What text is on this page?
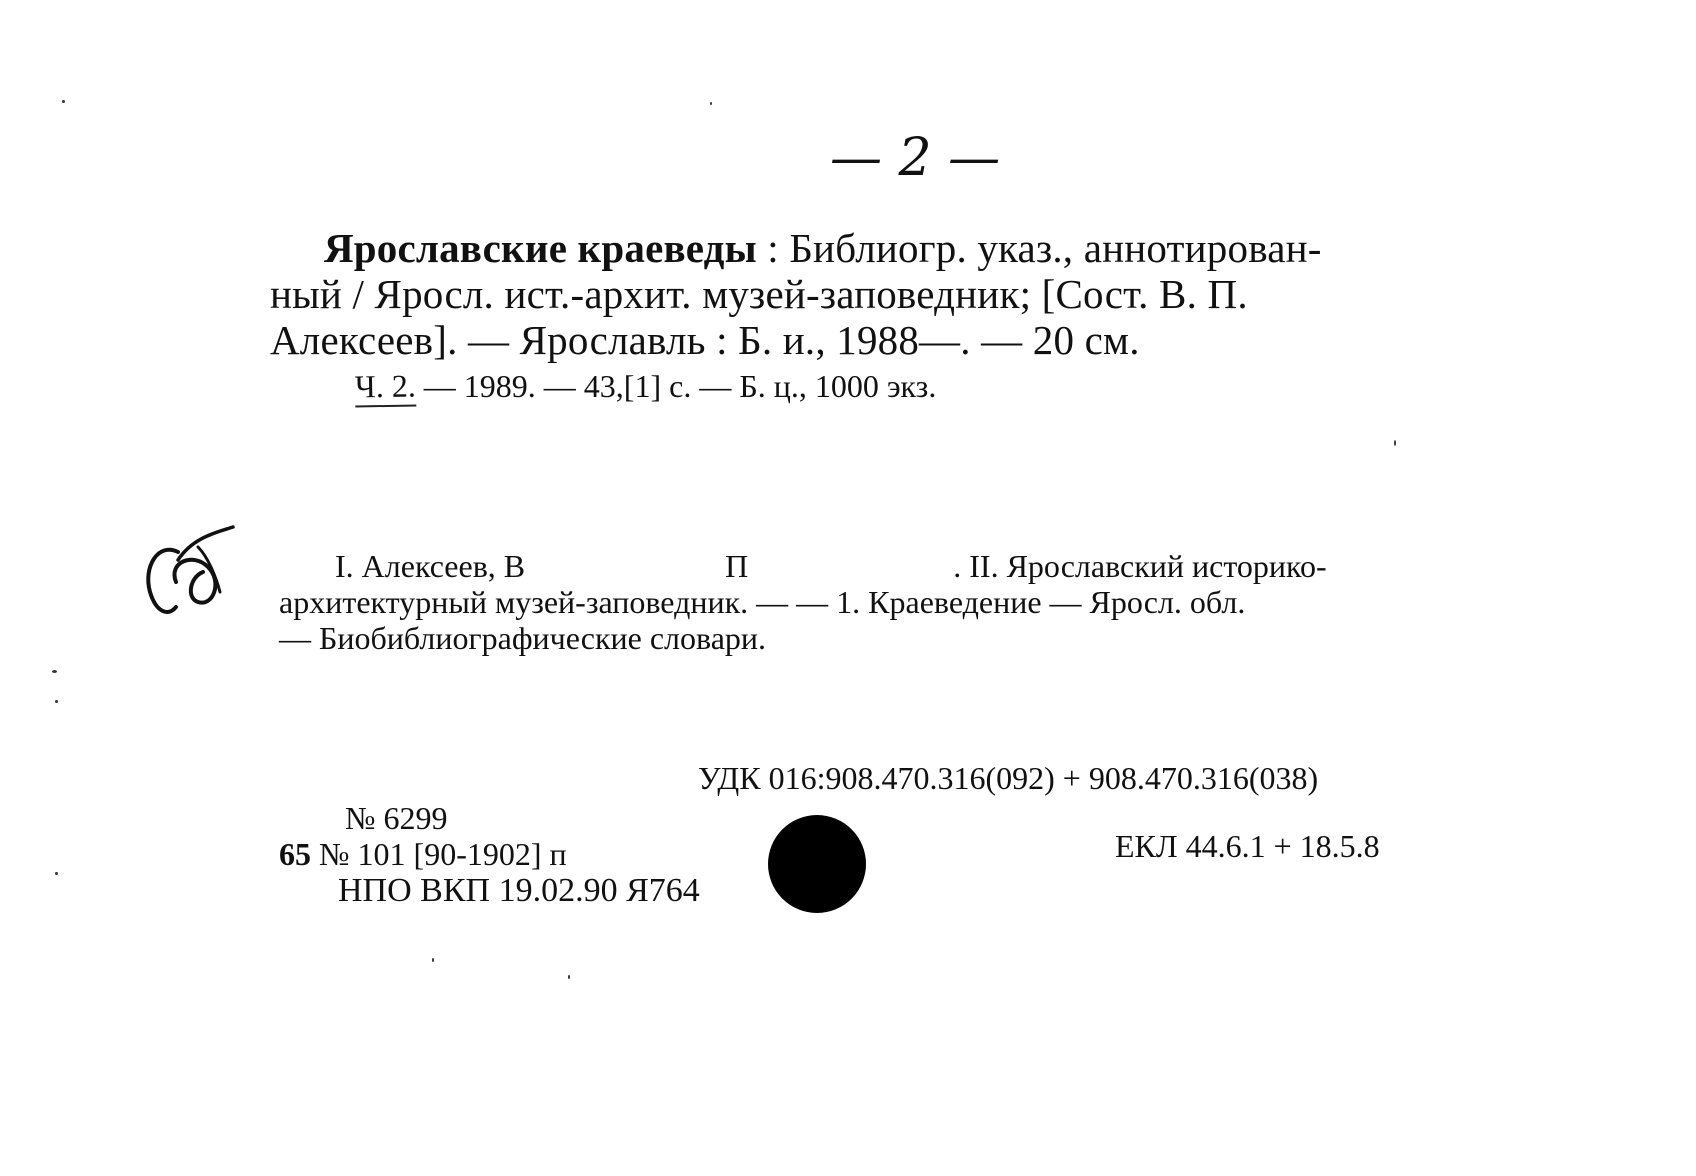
— 2 —
Ярославские краеведы : Библиогр. указ., аннотирован-
ный / Яросл. ист.-архит. музей-заповедник; [Сост. В. П.
Алексеев]. — Ярославль : Б. и., 1988—. — 20 см.
Ч. 2. — 1989. — 43,[1] с. — Б. ц., 1000 экз.
I. Алексеев, В	П	. II. Ярославский историко-
архитектурный музей-заповедник. — — 1. Краеведение — Яросл. обл.
— Биобиблиографические словари.
УДК 016:908.470.316(092) + 908.470.316(038)
№ 6299
65 № 101 [90-1902] п
НПО ВКП 19.02.90 Я764
ЕКЛ 44.6.1 + 18.5.8
